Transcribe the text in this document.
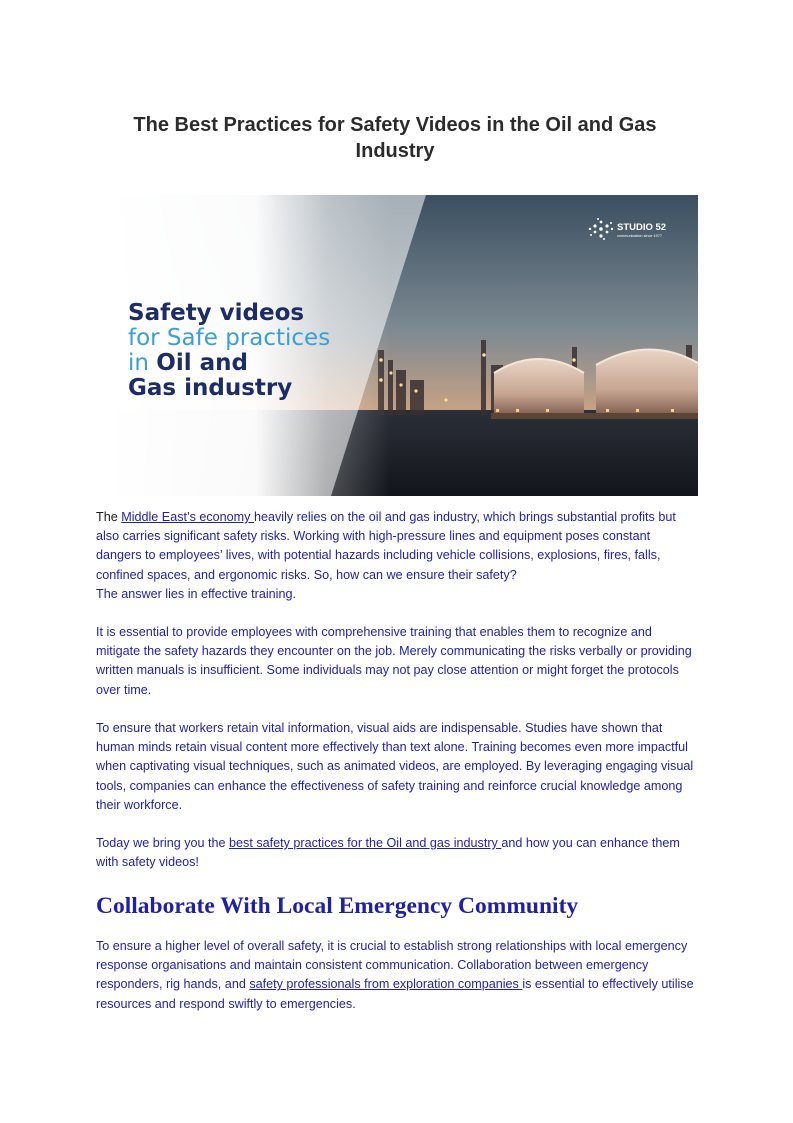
The Best Practices for Safety Videos in the Oil and Gas Industry
STUDIO 52
communication since 1977
Safety videos
for Safe practices
in Oil and
Gas industry

The Middle East’s economy heavily relies on the oil and gas industry, which brings substantial profits but also carries significant safety risks. Working with high-pressure lines and equipment poses constant dangers to employees’ lives, with potential hazards including vehicle collisions, explosions, fires, falls, confined spaces, and ergonomic risks. So, how can we ensure their safety?
The answer lies in effective training.

It is essential to provide employees with comprehensive training that enables them to recognize and mitigate the safety hazards they encounter on the job. Merely communicating the risks verbally or providing written manuals is insufficient. Some individuals may not pay close attention or might forget the protocols over time.

To ensure that workers retain vital information, visual aids are indispensable. Studies have shown that human minds retain visual content more effectively than text alone. Training becomes even more impactful when captivating visual techniques, such as animated videos, are employed. By leveraging engaging visual tools, companies can enhance the effectiveness of safety training and reinforce crucial knowledge among their workforce.

Today we bring you the best safety practices for the Oil and gas industry and how you can enhance them with safety videos!

Collaborate With Local Emergency Community

To ensure a higher level of overall safety, it is crucial to establish strong relationships with local emergency response organisations and maintain consistent communication. Collaboration between emergency responders, rig hands, and safety professionals from exploration companies is essential to effectively utilise resources and respond swiftly to emergencies.
